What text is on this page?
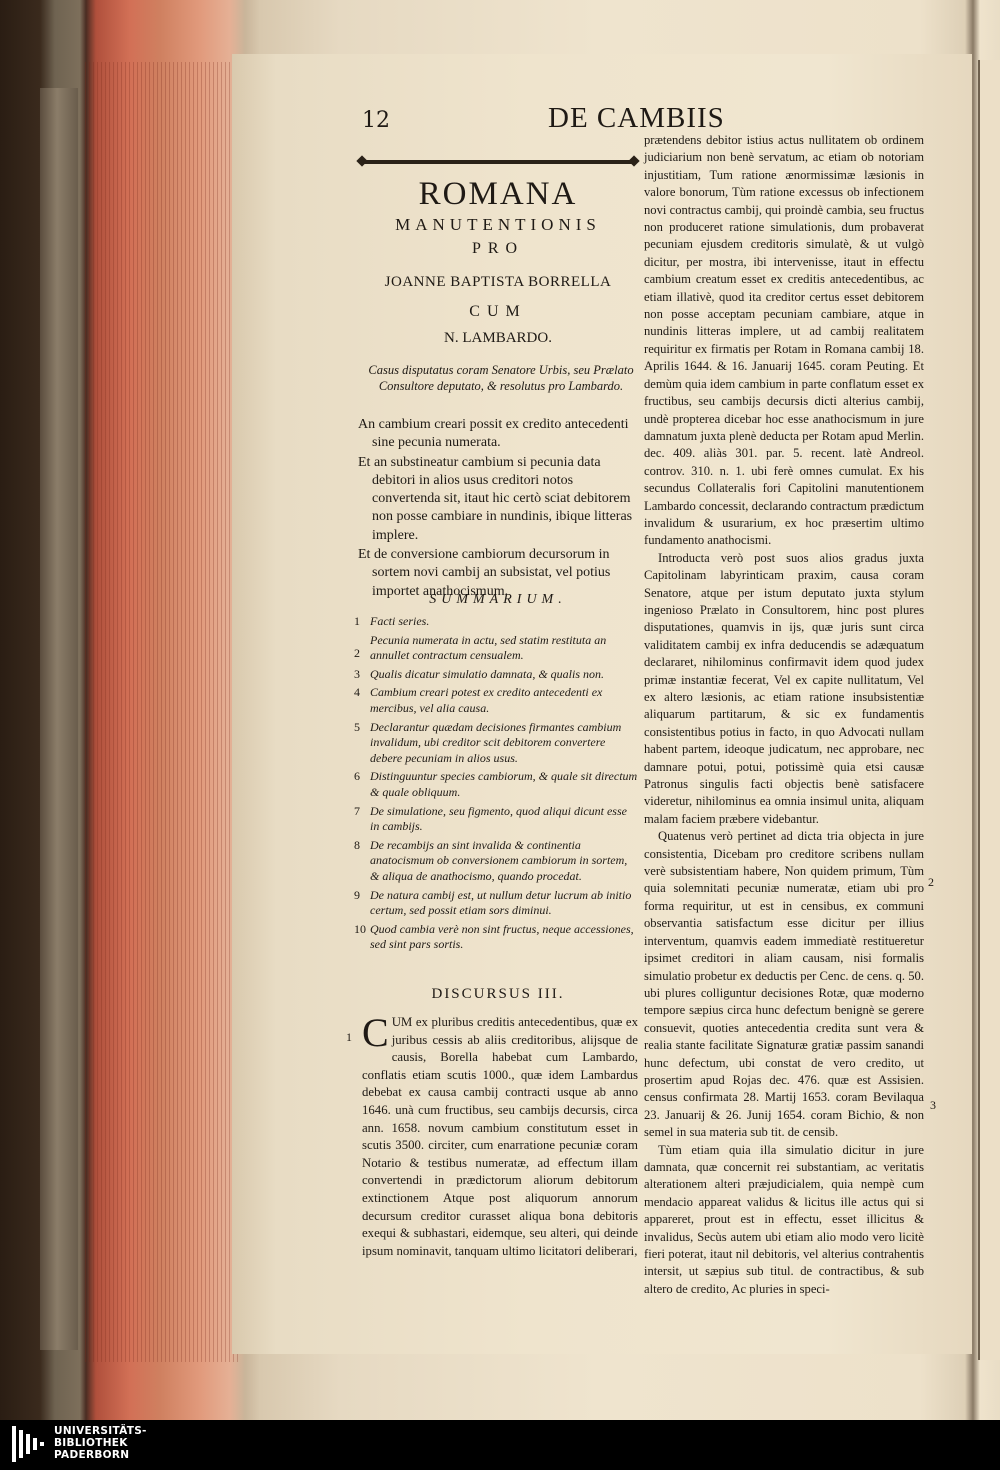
12	DE CAMBIIS
ROMANA
MANUTENTIONIS
PRO
JOANNE BAPTISTA BORRELLA
CUM
N. LAMBARDO.
Casus disputatus coram Senatore Urbis, seu Prælato Consultore deputato, & resolutus pro Lambardo.

An cambium creari possit ex credito antecedenti sine pecunia numerata.

Et an substineatur cambium si pecunia data debitori in alios usus creditori notos convertenda sit, itaut hic certò sciat debitorem non posse cambiare in nundinis, ibique litteras implere.

Et de conversione cambiorum decursorum in sortem novi cambij an subsistat, vel potius importet anathocismum.

SUMMARIUM.
1 Facti series.
Pecunia numerata in actu, sed statim restituta an annullet contractum censualem.
2
3 Qualis dicatur simulatio damnata, & qualis non.
4 Cambium creari potest ex credito antecedenti ex mercibus, vel alia causa.
5 Declarantur quædam decisiones firmantes cambium invalidum, ubi creditor scit debitorem convertere debere pecuniam in alios usus.
6 Distinguuntur species cambiorum, & quale sit directum & quale obliquum.
7 De simulatione, seu figmento, quod aliqui dicunt esse in cambijs.
8 De recambijs an sint invalida & continentia anatocismum ob conversionem cambiorum in sortem, & aliqua de anathocismo, quando procedat.
9 De natura cambij est, ut nullum detur lucrum ab initio certum, sed possit etiam sors diminui.
10 Quod cambia verè non sint fructus, neque accessiones, sed sint pars sortis.
DISCURSUS III.
1 CUM ex pluribus creditis antecedentibus, quæ ex juribus cessis ab aliis creditoribus, alijsque de causis, Borella habebat cum Lambardo, conflatis etiam scutis 1000., quæ idem Lambardus debebat ex causa cambij contracti usque ab anno 1646. unà cum fructibus, seu cambijs decursis, circa ann. 1658. novum cambium constitutum esset in scutis 3500. circiter, cum enarratione pecuniæ coram Notario & testibus numeratæ, ad effectum illam convertendi in prædictorum aliorum debitorum extinctionem Atque post aliquorum annorum decursum creditor curasset aliqua bona debitoris exequi & subhastari, eidemque, seu alteri, qui deinde ipsum nominavit, tanquam ultimo licitatori deliberari,

prætendens debitor istius actus nullitatem ob ordinem judiciarium non benè servatum, ac etiam ob notoriam injustitiam, Tum ratione ænormissimæ læsionis in valore bonorum, Tùm ratione excessus ob infectionem novi contractus cambij, qui proindè cambia, seu fructus non produceret ratione simulationis, dum probaverat pecuniam ejusdem creditoris simulatè, & ut vulgò dicitur, per mostra, ibi intervenisse, itaut in effectu cambium creatum esset ex creditis antecedentibus, ac etiam illativè, quod ita creditor certus esset debitorem non posse acceptam pecuniam cambiare, atque in nundinis litteras implere, ut ad cambij realitatem requiritur ex firmatis per Rotam in Romana cambij 18. Aprilis 1644. & 16. Januarij 1645. coram Peuting. Et demùm quia idem cambium in parte conflatum esset ex fructibus, seu cambijs decursis dicti alterius cambij, undè propterea dicebar hoc esse anathocismum in jure damnatum juxta plenè deducta per Rotam apud Merlin. dec. 409. aliàs 301. par. 5. recent. latè Andreol. controv. 310. n. 1. ubi ferè omnes cumulat. Ex his secundus Collateralis fori Capitolini manutentionem Lambardo concessit, declarando contractum prædictum invalidum & usurarium, ex hoc præsertim ultimo fundamento anathocismi.

Introducta verò post suos alios gradus juxta Capitolinam labyrinticam praxim, causa coram Senatore, atque per istum deputato juxta stylum ingenioso Prælato in Consultorem, hinc post plures disputationes, quamvis in ijs, quæ juris sunt circa validitatem cambij ex infra deducendis se adæquatum declararet, nihilominus confirmavit idem quod judex primæ instantiæ fecerat, Vel ex capite nullitatum, Vel ex altero læsionis, ac etiam ratione insubsistentiæ aliquarum partitarum, & sic ex fundamentis consistentibus potius in facto, in quo Advocati nullam habent partem, ideoque judicatum, nec approbare, nec damnare potui, potui, potissimè quia etsi causæ Patronus singulis facti objectis benè satisfacere videretur, nihilominus ea omnia insimul unita, aliquam malam faciem præbere videbantur.

Quatenus verò pertinet ad dicta tria objecta in jure consistentia, Dicebam pro creditore scribens nullam verè subsistentiam habere, Non quidem primum, Tùm quia solemnitati pecuniæ numeratæ, etiam ubi pro forma requiritur, ut est in censibus, ex communi observantia satisfactum esse dicitur per illius interventum, quamvis eadem immediatè restitueretur ipsimet creditori in aliam causam, nisi formalis simulatio probetur ex deductis per Cenc. de cens. q. 50. ubi plures colliguntur decisiones Rotæ, quæ moderno tempore sæpius circa hunc defectum benignè se gerere consuevit, quoties antecedentia credita sunt vera & realia stante facilitate Signaturæ gratiæ passim sanandi hunc defectum, ubi constat de vero credito, ut prosertim apud Rojas dec. 476. quæ est Assisien. census confirmata 28. Martij 1653. coram Bevilaqua 23. Januarij & 26. Junij 1654. coram Bichio, & non semel in sua materia sub tit. de censib.

Tùm etiam quia illa simulatio dicitur in jure damnata, quæ concernit rei substantiam, ac veritatis alterationem alteri præjudicialem, quia nempè cum mendacio appareat validus & licitus ille actus qui si appareret, prout est in effectu, esset illicitus & invalidus, Secùs autem ubi etiam alio modo vero licitè fieri poterat, itaut nil debitoris, vel alterius contrahentis intersit, ut sæpius sub titul. de contractibus, & sub altero de credito, Ac pluries in speci-

2
3
UNIVERSITÄTS-
BIBLIOTHEK
PADERBORN
